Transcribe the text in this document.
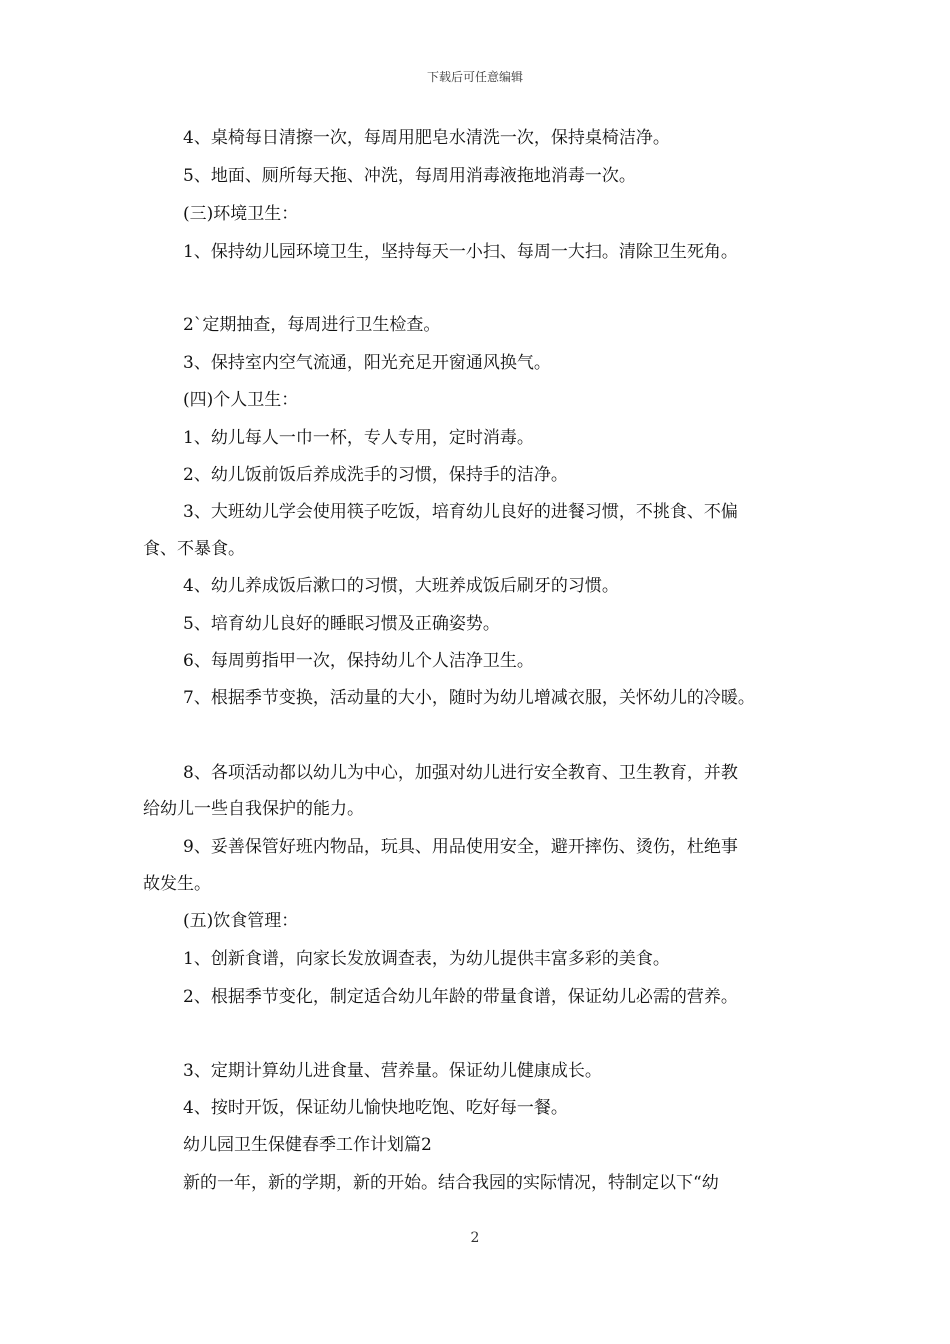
下载后可任意编辑
4、桌椅每日清擦一次，每周用肥皂水清洗一次，保持桌椅洁净。
5、地面、厕所每天拖、冲洗，每周用消毒液拖地消毒一次。
(三)环境卫生：
1、保持幼儿园环境卫生，坚持每天一小扫、每周一大扫。清除卫生死角。
2`定期抽查，每周进行卫生检查。
3、保持室内空气流通，阳光充足开窗通风换气。
(四)个人卫生：
1、幼儿每人一巾一杯，专人专用，定时消毒。
2、幼儿饭前饭后养成洗手的习惯，保持手的洁净。
3、大班幼儿学会使用筷子吃饭，培育幼儿良好的进餐习惯，不挑食、不偏
食、不暴食。
4、幼儿养成饭后漱口的习惯，大班养成饭后刷牙的习惯。
5、培育幼儿良好的睡眠习惯及正确姿势。
6、每周剪指甲一次，保持幼儿个人洁净卫生。
7、根据季节变换，活动量的大小，随时为幼儿增减衣服，关怀幼儿的冷暖。
8、各项活动都以幼儿为中心，加强对幼儿进行安全教育、卫生教育，并教
给幼儿一些自我保护的能力。
9、妥善保管好班内物品，玩具、用品使用安全，避开摔伤、烫伤，杜绝事
故发生。
(五)饮食管理：
1、创新食谱，向家长发放调查表，为幼儿提供丰富多彩的美食。
2、根据季节变化，制定适合幼儿年龄的带量食谱，保证幼儿必需的营养。
3、定期计算幼儿进食量、营养量。保证幼儿健康成长。
4、按时开饭，保证幼儿愉快地吃饱、吃好每一餐。
幼儿园卫生保健春季工作计划篇2
新的一年，新的学期，新的开始。结合我园的实际情况，特制定以下“幼
2
